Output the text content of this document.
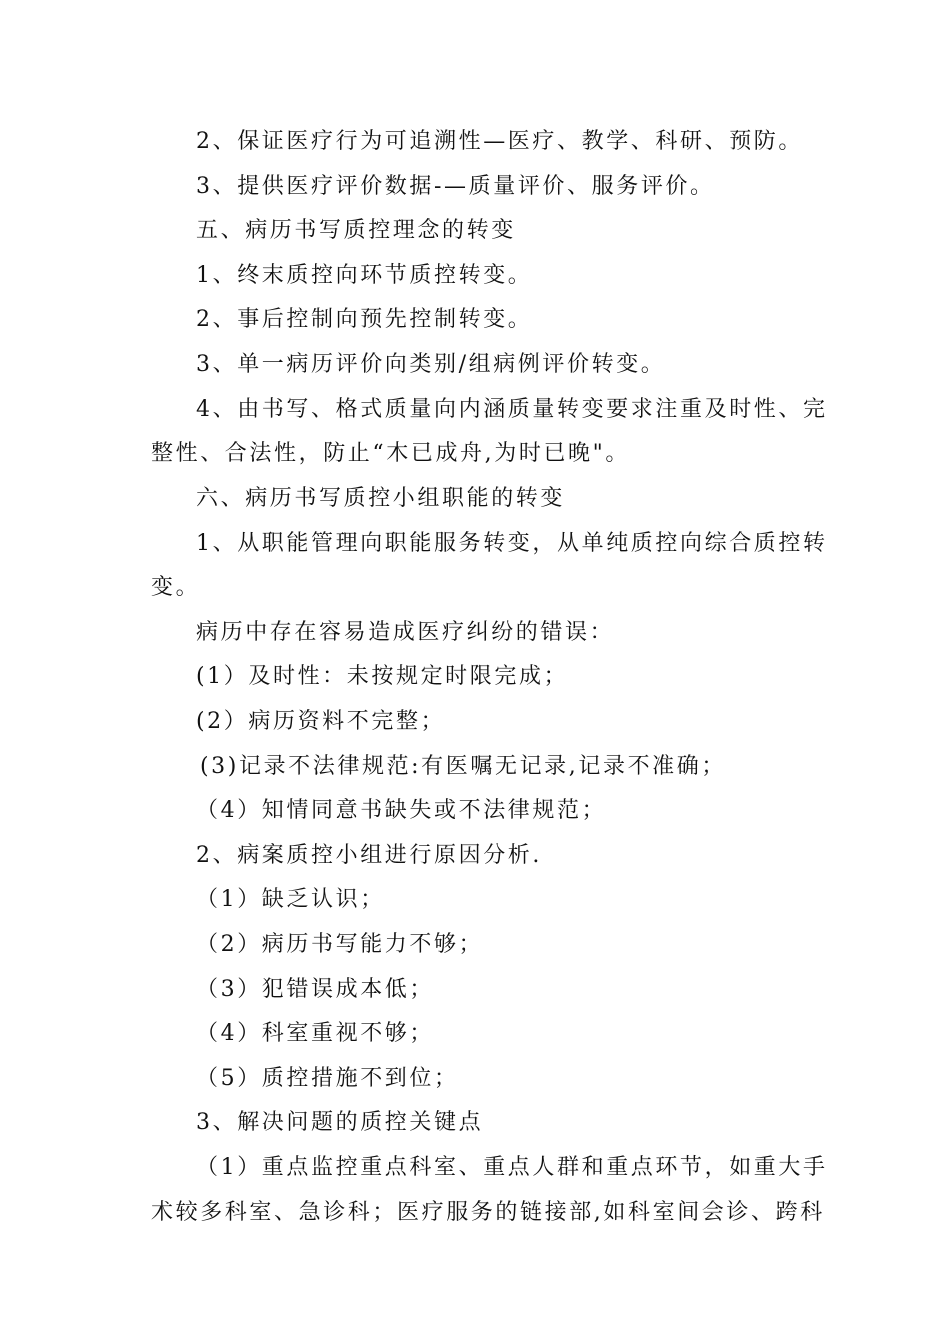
2、保证医疗行为可追溯性—医疗、教学、科研、预防。
3、提供医疗评价数据-—质量评价、服务评价。
五、病历书写质控理念的转变
1、终末质控向环节质控转变。
2、事后控制向预先控制转变。
3、单一病历评价向类别/组病例评价转变。
4、由书写、格式质量向内涵质量转变要求注重及时性、完
整性、合法性，防止“木已成舟,为时已晚"。
六、病历书写质控小组职能的转变
1、从职能管理向职能服务转变，从单纯质控向综合质控转
变。
病历中存在容易造成医疗纠纷的错误：
(1）及时性：未按规定时限完成；
(2）病历资料不完整；
(3)记录不法律规范:有医嘱无记录,记录不准确；
（4）知情同意书缺失或不法律规范；
2、病案质控小组进行原因分析.
（1）缺乏认识；
（2）病历书写能力不够；
（3）犯错误成本低；
（4）科室重视不够；
（5）质控措施不到位；
3、解决问题的质控关键点
（1）重点监控重点科室、重点人群和重点环节，如重大手
术较多科室、急诊科；医疗服务的链接部,如科室间会诊、跨科
